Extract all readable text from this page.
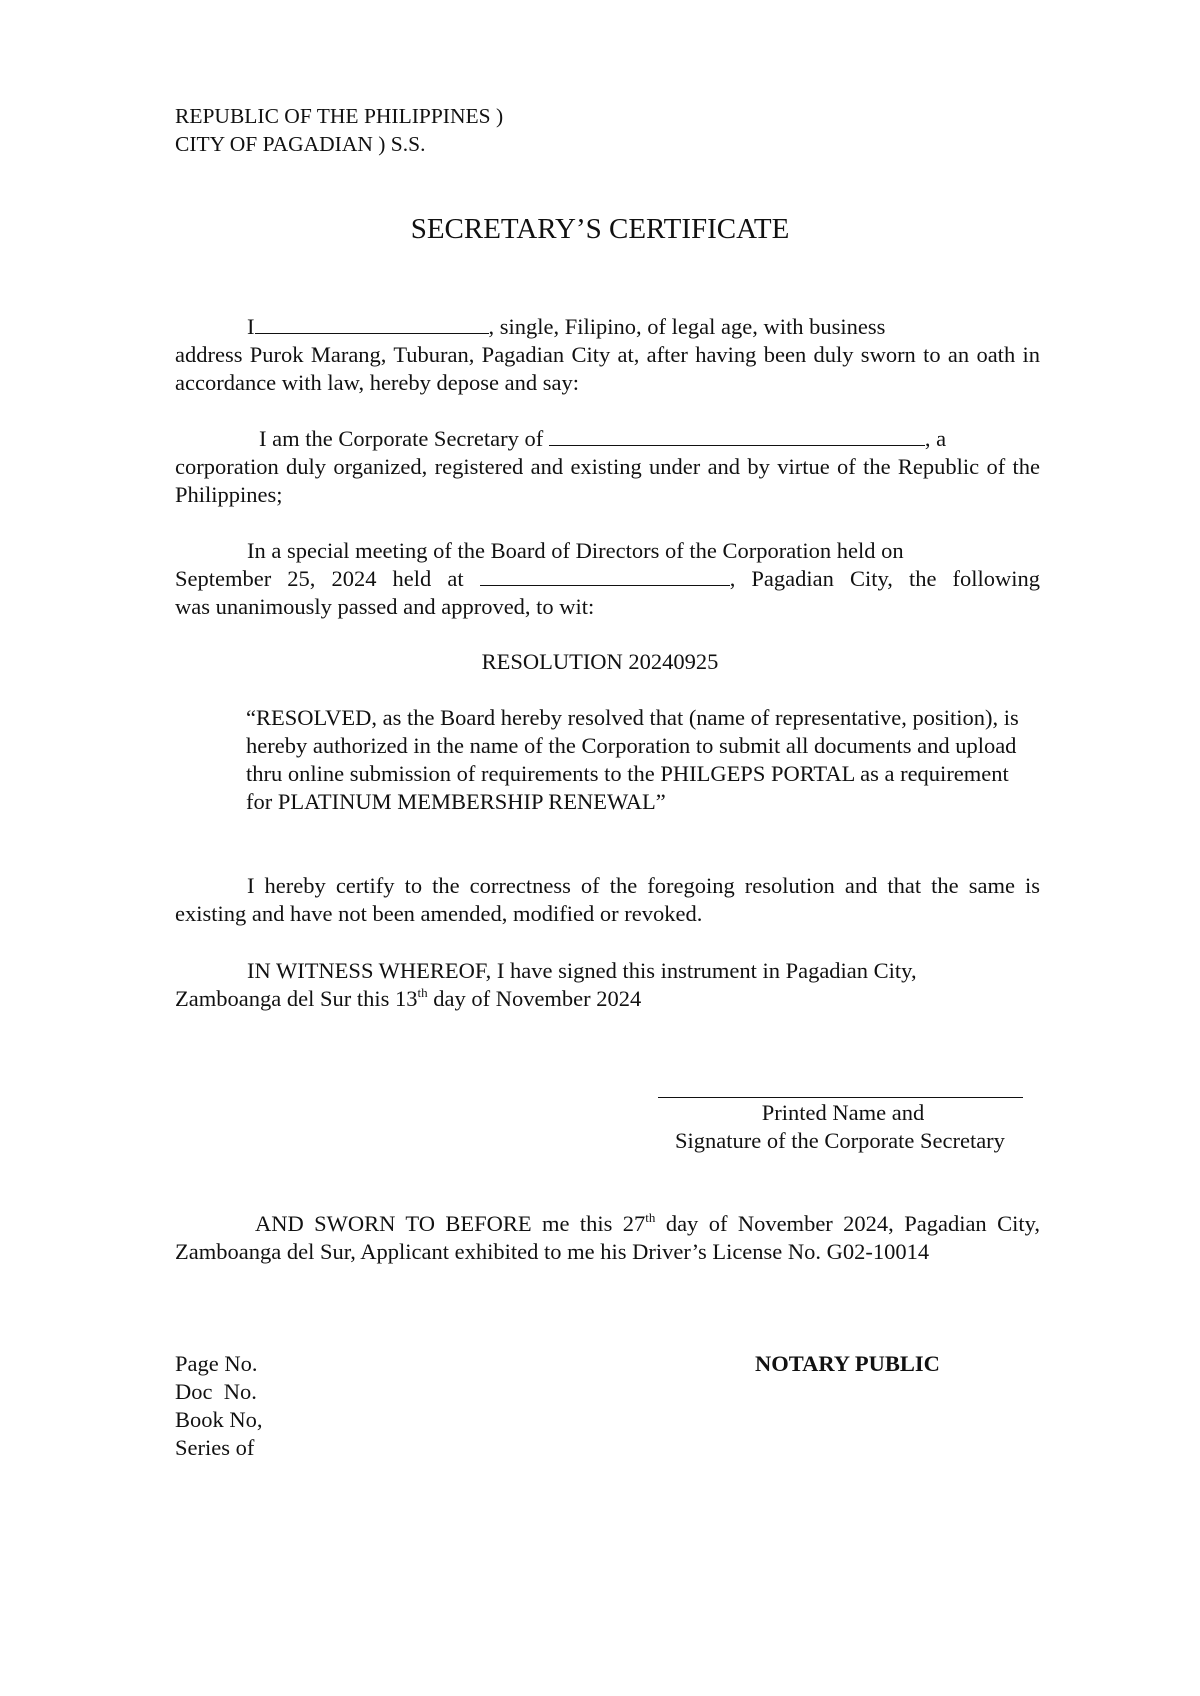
REPUBLIC OF THE PHILIPPINES )
CITY OF PAGADIAN ) S.S.
SECRETARY’S CERTIFICATE
I	, single, Filipino, of legal age, with business
address Purok Marang, Tuburan, Pagadian City at, after having been duly sworn to an oath in accordance with law, hereby depose and say:
I am the Corporate Secretary of	, a
corporation duly organized, registered and existing under and by virtue of the Republic of the Philippines;
In a special meeting of the Board of Directors of the Corporation held on
September 25, 2024 held at	, Pagadian City, the following
was unanimously passed and approved, to wit:
RESOLUTION 20240925
“RESOLVED, as the Board hereby resolved that (name of representative, position), is hereby authorized in the name of the Corporation to submit all documents and upload thru online submission of requirements to the PHILGEPS PORTAL as a requirement for PLATINUM MEMBERSHIP RENEWAL”
I hereby certify to the correctness of the foregoing resolution and that the same is existing and have not been amended, modified or revoked.
IN WITNESS WHEREOF, I have signed this instrument in Pagadian City, Zamboanga del Sur this 13th day of November 2024
Printed Name and
Signature of the Corporate Secretary
AND SWORN TO BEFORE me this 27th day of November 2024, Pagadian City, Zamboanga del Sur, Applicant exhibited to me his Driver’s License No. G02-10014
Page No.
Doc  No.
Book No,
Series of
NOTARY PUBLIC
